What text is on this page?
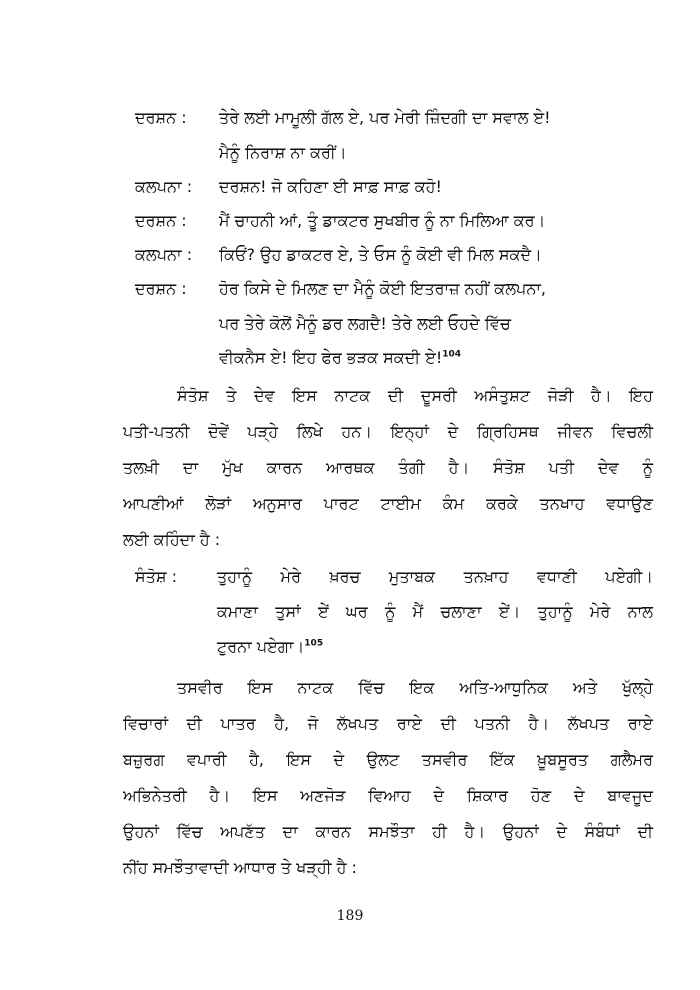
ਦਰਸ਼ਨ :	ਤੇਰੇ ਲਈ ਮਾਮੂਲੀ ਗੱਲ ਏ, ਪਰ ਮੇਰੀ ਜ਼ਿੰਦਗੀ ਦਾ ਸਵਾਲ ਏ!
ਮੈਨੂੰ ਨਿਰਾਸ਼ ਨਾ ਕਰੀਂ।
ਕਲਪਨਾ :	ਦਰਸ਼ਨ! ਜੋ ਕਹਿਣਾ ਈ ਸਾਫ਼ ਸਾਫ਼ ਕਹੋ!
ਦਰਸ਼ਨ :	ਮੈਂ ਚਾਹਨੀ ਆਂ, ਤੂੰ ਡਾਕਟਰ ਸੁਖਬੀਰ ਨੂੰ ਨਾ ਮਿਲਿਆ ਕਰ।
ਕਲਪਨਾ :	ਕਿਓਂ? ਉਹ ਡਾਕਟਰ ਏ, ਤੇ ਓਸ ਨੂੰ ਕੋਈ ਵੀ ਮਿਲ ਸਕਦੈ।
ਦਰਸ਼ਨ :	ਹੋਰ ਕਿਸੇ ਦੇ ਮਿਲਣ ਦਾ ਮੈਨੂੰ ਕੋਈ ਇਤਰਾਜ਼ ਨਹੀਂ ਕਲਪਨਾ,
ਪਰ ਤੇਰੇ ਕੋਲੋਂ ਮੈਨੂੰ ਡਰ ਲਗਦੈ! ਤੇਰੇ ਲਈ ਓਹਦੇ ਵਿੱਚ
ਵੀਕਨੈਸ ਏ! ਇਹ ਫੇਰ ਭੜਕ ਸਕਦੀ ਏ!$^{104}$
ਸੰਤੋਸ਼ ਤੇ ਦੇਵ ਇਸ ਨਾਟਕ ਦੀ ਦੂਸਰੀ ਅਸੰਤੁਸ਼ਟ ਜੋੜੀ ਹੈ। ਇਹ
ਪਤੀ-ਪਤਨੀ ਦੋਵੇਂ ਪੜ੍ਹੇ ਲਿਖੇ ਹਨ। ਇਨ੍ਹਾਂ ਦੇ ਗ੍ਰਿਹਿਸਥ ਜੀਵਨ ਵਿਚਲੀ
ਤਲਖ਼ੀ ਦਾ ਮੁੱਖ ਕਾਰਨ ਆਰਥਕ ਤੰਗੀ ਹੈ। ਸੰਤੋਸ਼ ਪਤੀ ਦੇਵ ਨੂੰ
ਆਪਣੀਆਂ ਲੋੜਾਂ ਅਨੁਸਾਰ ਪਾਰਟ ਟਾਈਮ ਕੰਮ ਕਰਕੇ ਤਨਖਾਹ ਵਧਾਉਣ
ਲਈ ਕਹਿੰਦਾ ਹੈ :
ਸੰਤੋਸ਼ :	ਤੁਹਾਨੂੰ ਮੇਰੇ ਖ਼ਰਚ ਮੁਤਾਬਕ ਤਨਖ਼ਾਹ ਵਧਾਣੀ ਪਏਗੀ।
ਕਮਾਣਾ ਤੁਸਾਂ ਏਂ ਘਰ ਨੂੰ ਮੈਂ ਚਲਾਣਾ ਏਂ। ਤੁਹਾਨੂੰ ਮੇਰੇ ਨਾਲ
ਟੁਰਨਾ ਪਏਗਾ।$^{105}$
ਤਸਵੀਰ ਇਸ ਨਾਟਕ ਵਿੱਚ ਇਕ ਅਤਿ-ਆਧੁਨਿਕ ਅਤੇ ਖੁੱਲ੍ਹੇ
ਵਿਚਾਰਾਂ ਦੀ ਪਾਤਰ ਹੈ, ਜੋ ਲੱਖਪਤ ਰਾਏ ਦੀ ਪਤਨੀ ਹੈ। ਲੱਖਪਤ ਰਾਏ
ਬਜ਼ੁਰਗ ਵਪਾਰੀ ਹੈ, ਇਸ ਦੇ ਉਲਟ ਤਸਵੀਰ ਇੱਕ ਖ਼ੂਬਸੂਰਤ ਗਲੈਮਰ
ਅਭਿਨੇਤਰੀ ਹੈ। ਇਸ ਅਣਜੋੜ ਵਿਆਹ ਦੇ ਸ਼ਿਕਾਰ ਹੋਣ ਦੇ ਬਾਵਜੂਦ
ਉਹਨਾਂ ਵਿੱਚ ਅਪਣੱਤ ਦਾ ਕਾਰਨ ਸਮਝੌਤਾ ਹੀ ਹੈ। ਉਹਨਾਂ ਦੇ ਸੰਬੰਧਾਂ ਦੀ
ਨੀਂਹ ਸਮਝੌਤਾਵਾਦੀ ਆਧਾਰ ਤੇ ਖੜ੍ਹੀ ਹੈ :
189
